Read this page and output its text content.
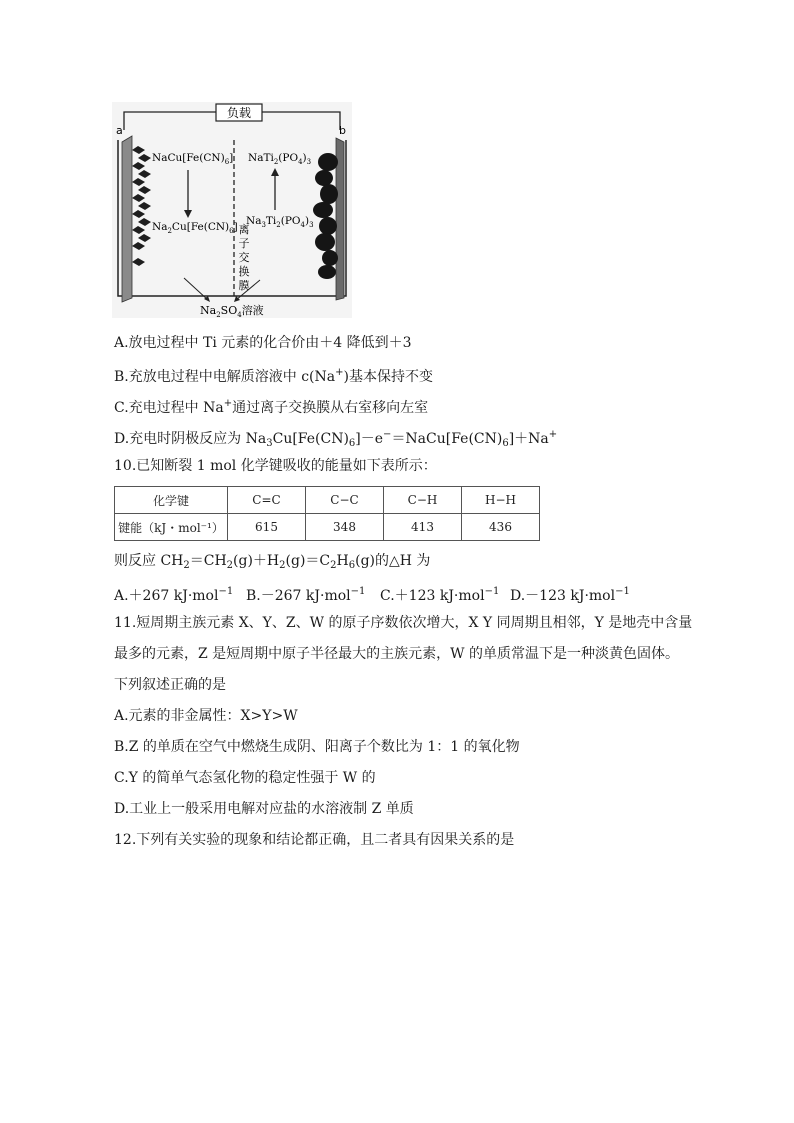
负载
a	b
$NaCu[Fe(CN)_6]$
$Na_2Cu[Fe(CN)_6]$
$NaTi_2(PO_4)_3$
$Na_3Ti_2(PO_4)_3$
离
子
交
换
膜
$Na_2SO_4$溶液
A.放电过程中 Ti 元素的化合价由＋4 降低到＋3
B.充放电过程中电解质溶液中 c(Na+)基本保持不变
C.充电过程中 Na+通过离子交换膜从右室移向左室
D.充电时阴极反应为 $Na_3Cu[Fe(CN)_6]-e^-=NaCu[Fe(CN)_6]+Na^+$
10.已知断裂 1 mol 化学键吸收的能量如下表所示：
化学键	C=C	C−C	C−H	H−H
键能（kJ・mol⁻¹）	615	348	413	436
则反应 $CH_2=CH_2(g)+H_2(g)=C_2H_6(g)$的△H 为
A.＋267 kJ·mol$^{-1}$ B.－267 kJ·mol$^{-1}$ C.＋123 kJ·mol$^{-1}$ D.－123 kJ·mol$^{-1}$
11.短周期主族元素 X、Y、Z、W 的原子序数依次增大，X Y 同周期且相邻，Y 是地壳中含量
最多的元素，Z 是短周期中原子半径最大的主族元素，W 的单质常温下是一种淡黄色固体。
下列叙述正确的是
A.元素的非金属性：X>Y>W
B.Z 的单质在空气中燃烧生成阴、阳离子个数比为 1：1 的氧化物
C.Y 的简单气态氢化物的稳定性强于 W 的
D.工业上一般采用电解对应盐的水溶液制 Z 单质
12.下列有关实验的现象和结论都正确，且二者具有因果关系的是
